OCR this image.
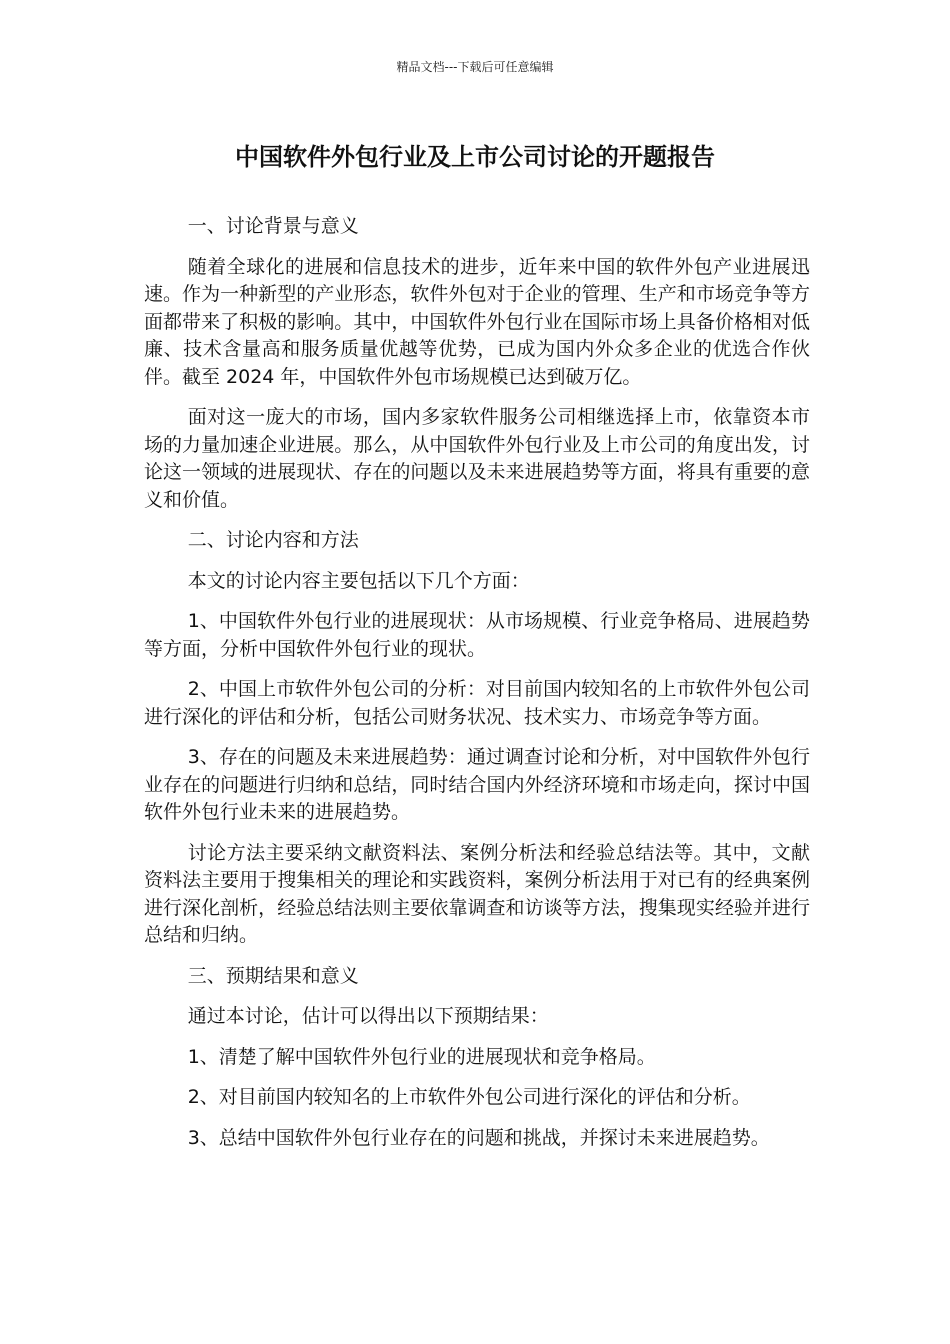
精品文档---下载后可任意编辑
中国软件外包行业及上市公司讨论的开题报告

一、讨论背景与意义

随着全球化的进展和信息技术的进步，近年来中国的软件外包产业进展迅速。作为一种新型的产业形态，软件外包对于企业的管理、生产和市场竞争等方面都带来了积极的影响。其中，中国软件外包行业在国际市场上具备价格相对低廉、技术含量高和服务质量优越等优势，已成为国内外众多企业的优选合作伙伴。截至 2024 年，中国软件外包市场规模已达到破万亿。

面对这一庞大的市场，国内多家软件服务公司相继选择上市，依靠资本市场的力量加速企业进展。那么，从中国软件外包行业及上市公司的角度出发，讨论这一领域的进展现状、存在的问题以及未来进展趋势等方面，将具有重要的意义和价值。

二、讨论内容和方法

本文的讨论内容主要包括以下几个方面：

1、中国软件外包行业的进展现状：从市场规模、行业竞争格局、进展趋势等方面，分析中国软件外包行业的现状。

2、中国上市软件外包公司的分析：对目前国内较知名的上市软件外包公司进行深化的评估和分析，包括公司财务状况、技术实力、市场竞争等方面。

3、存在的问题及未来进展趋势：通过调查讨论和分析，对中国软件外包行业存在的问题进行归纳和总结，同时结合国内外经济环境和市场走向，探讨中国软件外包行业未来的进展趋势。

讨论方法主要采纳文献资料法、案例分析法和经验总结法等。其中，文献资料法主要用于搜集相关的理论和实践资料，案例分析法用于对已有的经典案例进行深化剖析，经验总结法则主要依靠调查和访谈等方法，搜集现实经验并进行总结和归纳。

三、预期结果和意义

通过本讨论，估计可以得出以下预期结果：

1、清楚了解中国软件外包行业的进展现状和竞争格局。

2、对目前国内较知名的上市软件外包公司进行深化的评估和分析。

3、总结中国软件外包行业存在的问题和挑战，并探讨未来进展趋势。
